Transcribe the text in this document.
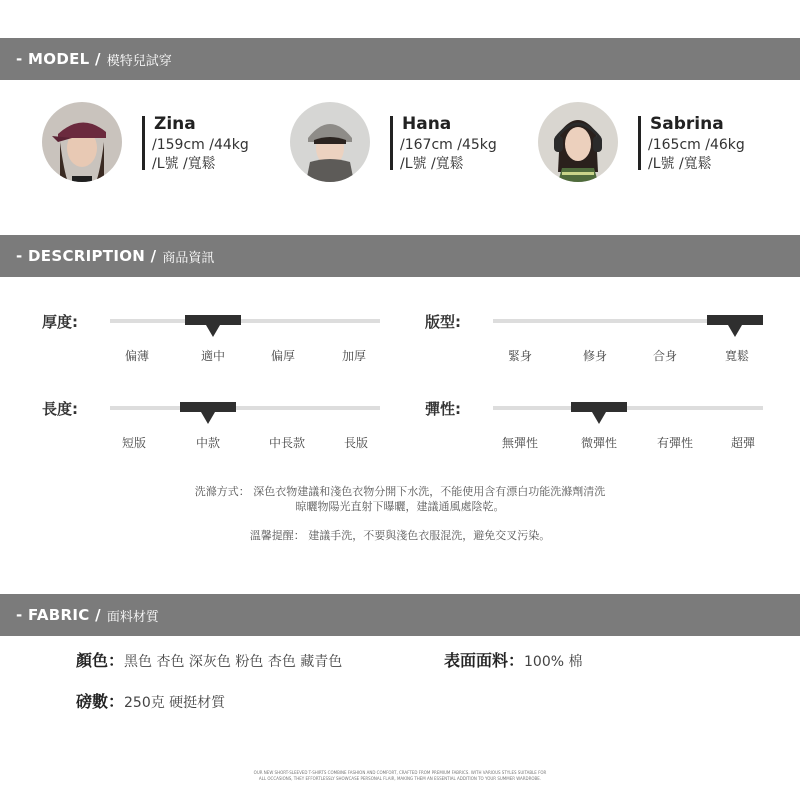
- MODEL / 模特兒試穿
Zina
/159cm /44kg
/L號 /寬鬆
Hana
/167cm /45kg
/L號 /寬鬆
Sabrina
/165cm /46kg
/L號 /寬鬆
- DESCRIPTION / 商品資訊
厚度:
偏薄	適中	偏厚	加厚
版型:
緊身	修身	合身	寬鬆
長度:
短版	中款	中長款	長版
彈性:
無彈性	微彈性	有彈性	超彈
洗滌方式： 深色衣物建議和淺色衣物分開下水洗，不能使用含有漂白功能洗滌劑清洗
晾曬物陽光直射下曝曬，建議通風處陰乾。
溫馨提醒： 建議手洗，不要與淺色衣服混洗，避免交叉污染。
- FABRIC / 面料材質
顏色：黑色 杏色 深灰色 粉色 杏色 藏青色	表面面料：100% 棉
磅數：250克 硬挺材質
OUR NEW SHORT-SLEEVED T-SHIRTS COMBINE FASHION AND COMFORT, CRAFTED FROM PREMIUM FABRICS. WITH VARIOUS STYLES SUITABLE FOR
ALL OCCASIONS, THEY EFFORTLESSLY SHOWCASE PERSONAL FLAIR, MAKING THEM AN ESSENTIAL ADDITION TO YOUR SUMMER WARDROBE.
